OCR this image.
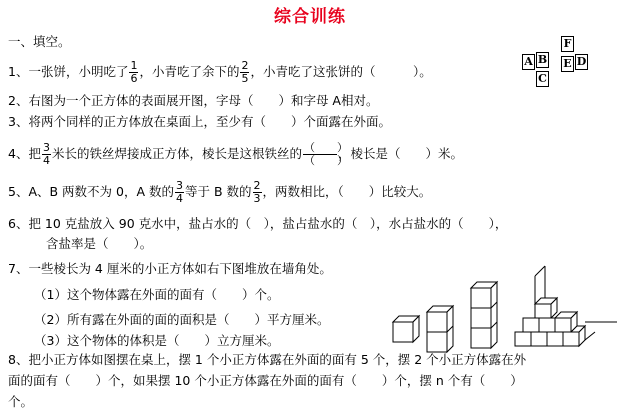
综合训练
一、填空。
1、一张饼，小明吃了 $\frac{1}{6}$ ，小青吃了余下的 $\frac{2}{5}$ ，小青吃了这张饼的（　　　）。
F
A B E D
C
2、右图为一个正方体的表面展开图，字母（　　）和字母 A相对。
3、将两个同样的正方体放在桌面上，至少有（　　）个面露在外面。
4、把 $\frac{3}{4}$ 米长的铁丝焊接成正方体，棱长是这根铁丝的 $\frac{( )}{( )}$ ，棱长是（　　）米。
5、A、B 两数不为 0，A 数的 $\frac{3}{4}$ 等于 B 数的 $\frac{2}{3}$ ，两数相比，（　　）比较大。
6、把 10 克盐放入 90 克水中，盐占水的（　），盐占盐水的（　），水占盐水的（　　），
含盐率是（　　）。
7、一些棱长为 4 厘米的小正方体如右下图堆放在墙角处。
（1）这个物体露在外面的面有（　　）个。
（2）所有露在外面的面的面积是（　　）平方厘米。
（3）这个物体的体积是（　　）立方厘米。
8、把小正方体如图摆在桌上，摆 1 个小正方体露在外面的面有 5 个，摆 2 个小正方体露在外
面的面有（　　）个，如果摆 10 个小正方体露在外面的面有（　　）个，摆 n 个有（　　）
个。
